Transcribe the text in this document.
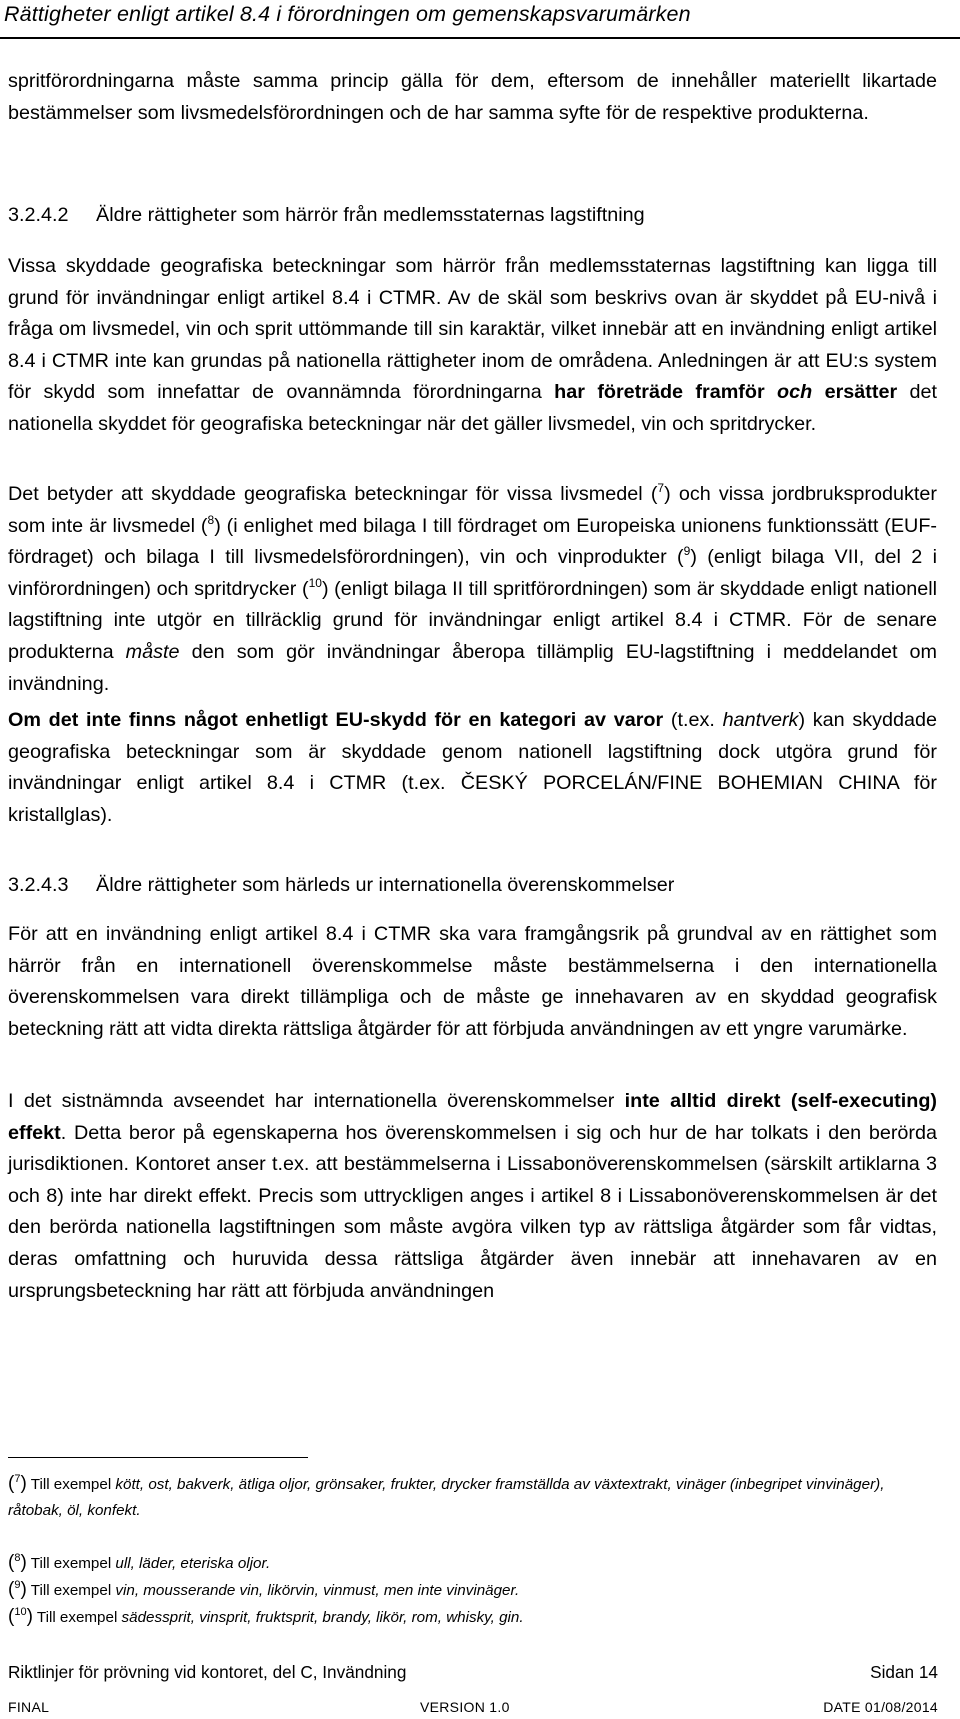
Rättigheter enligt artikel 8.4 i förordningen om gemenskapsvarumärken

spritförordningarna måste samma princip gälla för dem, eftersom de innehåller materiellt likartade bestämmelser som livsmedelsförordningen och de har samma syfte för de respektive produkterna.

3.2.4.2 Äldre rättigheter som härrör från medlemsstaternas lagstiftning

Vissa skyddade geografiska beteckningar som härrör från medlemsstaternas lagstiftning kan ligga till grund för invändningar enligt artikel 8.4 i CTMR. Av de skäl som beskrivs ovan är skyddet på EU-nivå i fråga om livsmedel, vin och sprit uttömmande till sin karaktär, vilket innebär att en invändning enligt artikel 8.4 i CTMR inte kan grundas på nationella rättigheter inom de områdena. Anledningen är att EU:s system för skydd som innefattar de ovannämnda förordningarna har företräde framför och ersätter det nationella skyddet för geografiska beteckningar när det gäller livsmedel, vin och spritdrycker.

Det betyder att skyddade geografiska beteckningar för vissa livsmedel ($^7$) och vissa jordbruksprodukter som inte är livsmedel ($^8$) (i enlighet med bilaga I till fördraget om Europeiska unionens funktionssätt (EUF-fördraget) och bilaga I till livsmedelsförordningen), vin och vinprodukter ($^9$) (enligt bilaga VII, del 2 i vinförordningen) och spritdrycker ($^{10}$) (enligt bilaga II till spritförordningen) som är skyddade enligt nationell lagstiftning inte utgör en tillräcklig grund för invändningar enligt artikel 8.4 i CTMR. För de senare produkterna måste den som gör invändningar åberopa tillämplig EU-lagstiftning i meddelandet om invändning.

Om det inte finns något enhetligt EU-skydd för en kategori av varor (t.ex. hantverk) kan skyddade geografiska beteckningar som är skyddade genom nationell lagstiftning dock utgöra grund för invändningar enligt artikel 8.4 i CTMR (t.ex. ČESKÝ PORCELÁN/FINE BOHEMIAN CHINA för kristallglas).

3.2.4.3 Äldre rättigheter som härleds ur internationella överenskommelser

För att en invändning enligt artikel 8.4 i CTMR ska vara framgångsrik på grundval av en rättighet som härrör från en internationell överenskommelse måste bestämmelserna i den internationella överenskommelsen vara direkt tillämpliga och de måste ge innehavaren av en skyddad geografisk beteckning rätt att vidta direkta rättsliga åtgärder för att förbjuda användningen av ett yngre varumärke.

I det sistnämnda avseendet har internationella överenskommelser inte alltid direkt (self-executing) effekt. Detta beror på egenskaperna hos överenskommelsen i sig och hur de har tolkats i den berörda jurisdiktionen. Kontoret anser t.ex. att bestämmelserna i Lissabonöverenskommelsen (särskilt artiklarna 3 och 8) inte har direkt effekt. Precis som uttryckligen anges i artikel 8 i Lissabonöverenskommelsen är det den berörda nationella lagstiftningen som måste avgöra vilken typ av rättsliga åtgärder som får vidtas, deras omfattning och huruvida dessa rättsliga åtgärder även innebär att innehavaren av en ursprungsbeteckning har rätt att förbjuda användningen

($^7$) Till exempel kött, ost, bakverk, ätliga oljor, grönsaker, frukter, drycker framställda av växtextrakt, vinäger (inbegripet vinvinäger), råtobak, öl, konfekt.
($^8$) Till exempel ull, läder, eteriska oljor.
($^9$) Till exempel vin, mousserande vin, likörvin, vinmust, men inte vinvinäger.
($^{10}$) Till exempel sädessprit, vinsprit, fruktsprit, brandy, likör, rom, whisky, gin.
Riktlinjer för prövning vid kontoret, del C, Invändning	Sidan 14
FINAL	VERSION 1.0	DATE 01/08/2014
